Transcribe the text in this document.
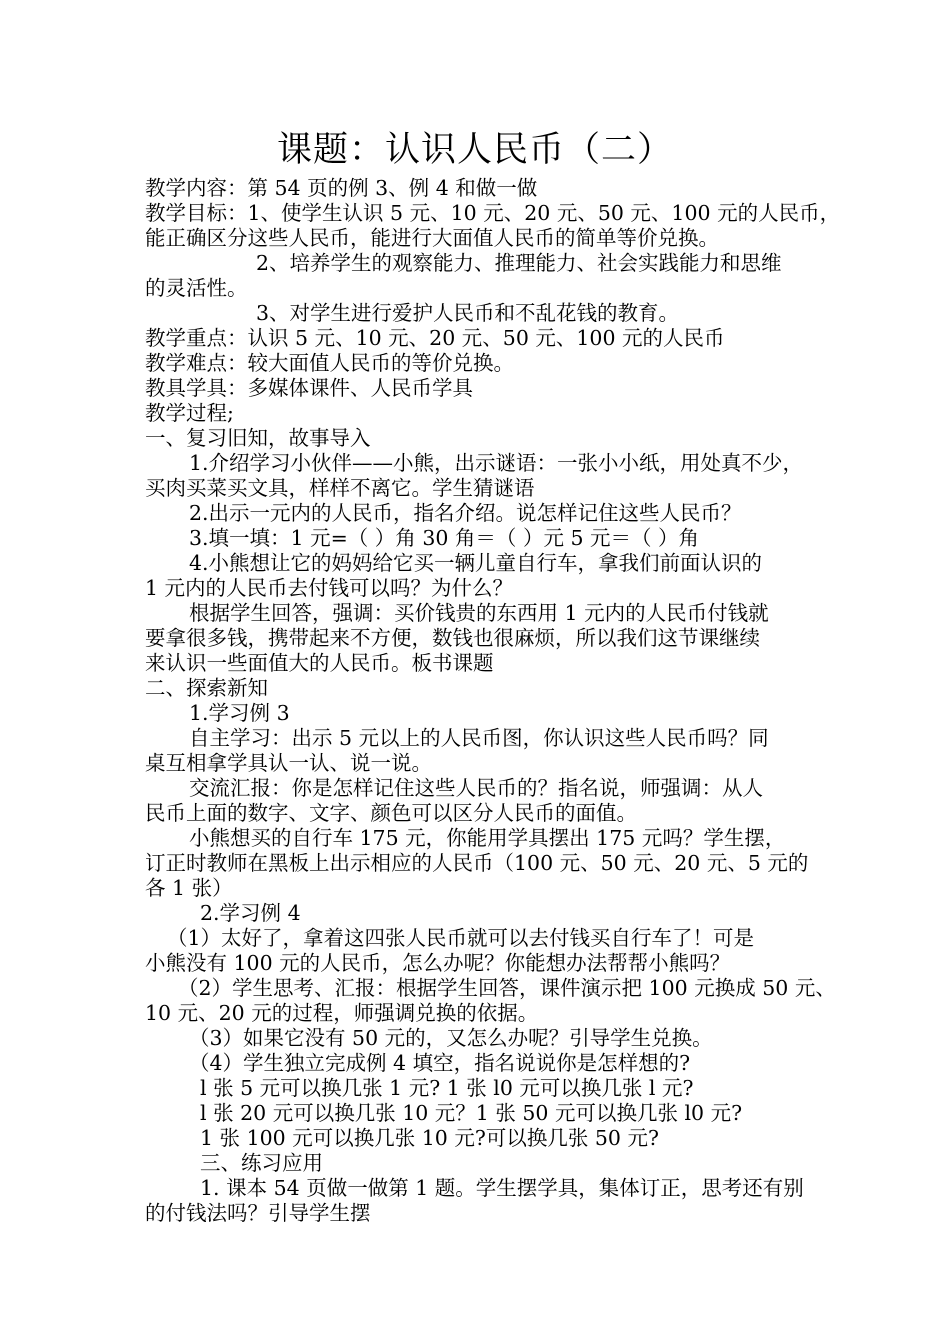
课题：认识人民币（二）
教学内容：第 54 页的例 3、例 4 和做一做
教学目标：1、使学生认识 5 元、10 元、20 元、50 元、100 元的人民币，
能正确区分这些人民币，能进行大面值人民币的简单等价兑换。
2、培养学生的观察能力、推理能力、社会实践能力和思维
的灵活性。
3、对学生进行爱护人民币和不乱花钱的教育。
教学重点：认识 5 元、10 元、20 元、50 元、100 元的人民币
教学难点：较大面值人民币的等价兑换。
教具学具：多媒体课件、人民币学具
教学过程;
一、复习旧知，故事导入
1.介绍学习小伙伴——小熊，出示谜语：一张小小纸，用处真不少，
买肉买菜买文具，样样不离它。学生猜谜语
2.出示一元内的人民币，指名介绍。说怎样记住这些人民币？
3.填一填：1 元=（ ）角 30 角＝（ ）元 5 元＝（ ）角
4.小熊想让它的妈妈给它买一辆儿童自行车，拿我们前面认识的
1 元内的人民币去付钱可以吗？为什么？
根据学生回答，强调：买价钱贵的东西用 1 元内的人民币付钱就
要拿很多钱，携带起来不方便，数钱也很麻烦，所以我们这节课继续
来认识一些面值大的人民币。板书课题
二、探索新知
1.学习例 3
自主学习：出示 5 元以上的人民币图，你认识这些人民币吗？同
桌互相拿学具认一认、说一说。
交流汇报：你是怎样记住这些人民币的？指名说，师强调：从人
民币上面的数字、文字、颜色可以区分人民币的面值。
小熊想买的自行车 175 元，你能用学具摆出 175 元吗？学生摆，
订正时教师在黑板上出示相应的人民币（100 元、50 元、20 元、5 元的
各 1 张）
2.学习例 4
（1）太好了，拿着这四张人民币就可以去付钱买自行车了！可是
小熊没有 100 元的人民币，怎么办呢？你能想办法帮帮小熊吗？
（2）学生思考、汇报：根据学生回答，课件演示把 100 元换成 50 元、
10 元、20 元的过程，师强调兑换的依据。
（3）如果它没有 50 元的，又怎么办呢？引导学生兑换。
（4）学生独立完成例 4 填空，指名说说你是怎样想的?
l 张 5 元可以换几张 1 元? 1 张 l0 元可以换几张 l 元?
l 张 20 元可以换几张 10 元？1 张 50 元可以换几张 l0 元?
1 张 100 元可以换几张 10 元?可以换几张 50 元?
三、练习应用
1. 课本 54 页做一做第 1 题。学生摆学具，集体订正，思考还有别
的付钱法吗？引导学生摆
